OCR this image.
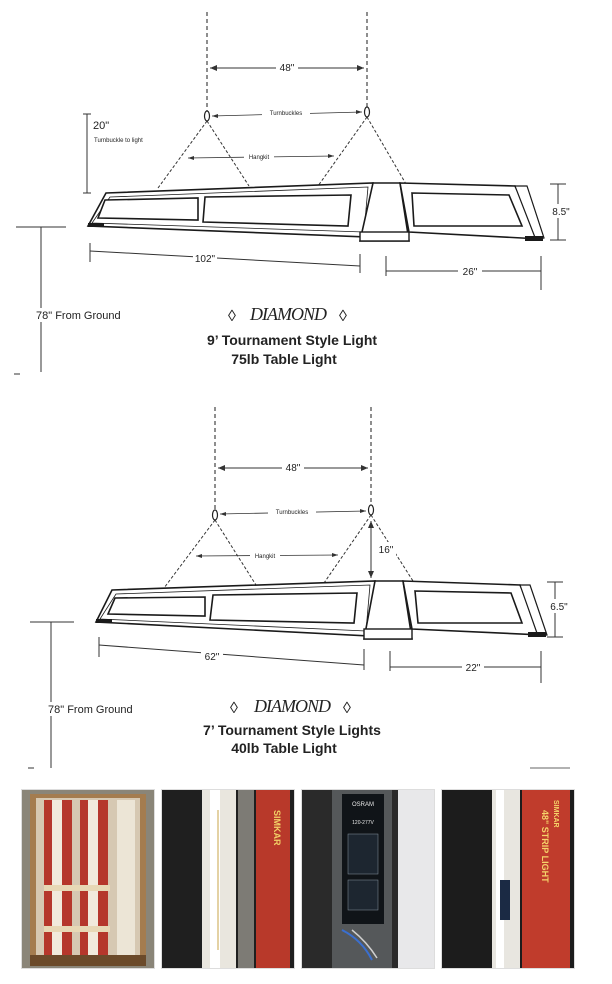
48"
Turnbuckles
Hangkit
20"
Turnbuckle to light
8.5"
102"
26"
78" From Ground	◊ DIAMOND ◊
9’ Tournament Style Light
75lb Table Light
48"
Turnbuckles
Hangkit
16"
6.5"
62"
22"
78" From Ground	◊ DIAMOND ◊
7’ Tournament Style Lights
40lb Table Light
SIMKAR
OSRAM
120-277V	48" STRIP LIGHT SIMKAR
